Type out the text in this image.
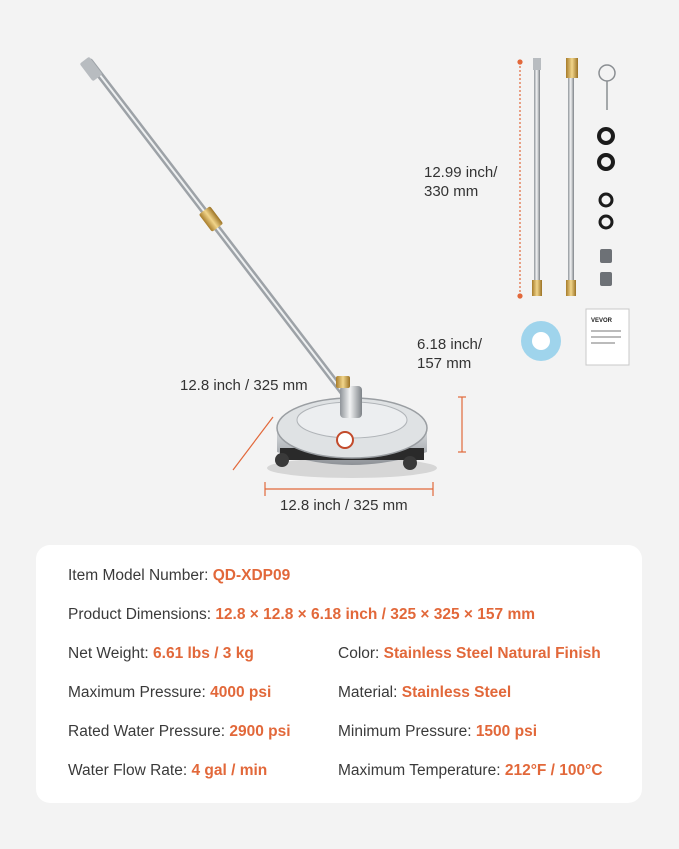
VEVOR
12.99 inch/
330 mm
6.18 inch/
157 mm
12.8 inch / 325 mm
12.8 inch / 325 mm
Item Model Number: QD-XDP09
Product Dimensions: 12.8 × 12.8 × 6.18 inch / 325 × 325 × 157 mm
Net Weight: 6.61 lbs / 3 kg	Color: Stainless Steel Natural Finish
Maximum Pressure: 4000 psi	Material: Stainless Steel
Rated Water Pressure: 2900 psi	Minimum Pressure: 1500 psi
Water Flow Rate: 4 gal / min	Maximum Temperature: 212°F / 100°C
